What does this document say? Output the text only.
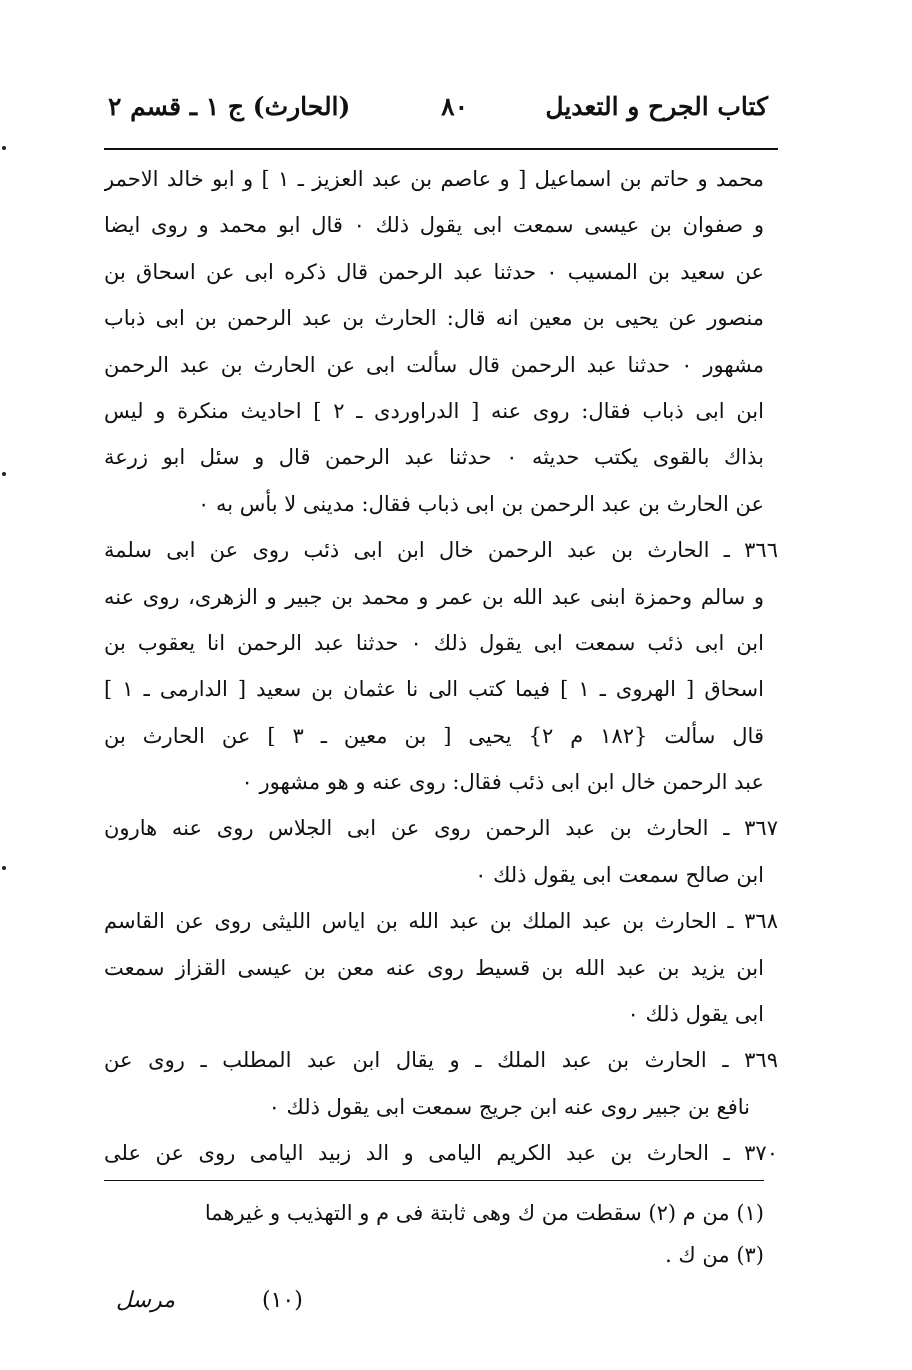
كتاب الجرح و التعديل
٨٠
(الحارث) ج ١ ـ قسم ٢
محمد و حاتم بن اسماعيل [ و عاصم بن عبد العزيز ـ ١ ] و ابو خالد الاحمر
و صفوان بن عيسى سمعت ابى يقول ذلك ٠ قال ابو محمد و روى ايضا
عن سعيد بن المسيب ٠ حدثنا عبد الرحمن قال ذكره ابى عن اسحاق بن
منصور عن يحيى بن معين انه قال: الحارث بن عبد الرحمن بن ابى ذباب
مشهور ٠ حدثنا عبد الرحمن قال سألت ابى عن الحارث بن عبد الرحمن
ابن ابى ذباب فقال: روى عنه [ الدراوردى ـ ٢ ] احاديث منكرة و ليس
بذاك بالقوى يكتب حديثه ٠ حدثنا عبد الرحمن قال و سئل ابو زرعة
عن الحارث بن عبد الرحمن بن ابى ذباب فقال: مدينى لا بأس به ٠
٣٦٦ ـ الحارث بن عبد الرحمن خال ابن ابى ذئب روى عن ابى سلمة
و سالم وحمزة ابنى عبد الله بن عمر و محمد بن جبير و الزهرى، روى عنه
ابن ابى ذئب سمعت ابى يقول ذلك ٠ حدثنا عبد الرحمن انا يعقوب بن
اسحاق [ الهروى ـ ١ ] فيما كتب الى نا عثمان بن سعيد [ الدارمى ـ ١ ]
قال سألت {١٨٢ م ٢} يحيى [ بن معين ـ ٣ ] عن الحارث بن
عبد الرحمن خال ابن ابى ذئب فقال: روى عنه و هو مشهور ٠
٣٦٧ ـ الحارث بن عبد الرحمن روى عن ابى الجلاس روى عنه هارون
ابن صالح سمعت ابى يقول ذلك ٠
٣٦٨ ـ الحارث بن عبد الملك بن عبد الله بن اياس الليثى روى عن القاسم
ابن يزيد بن عبد الله بن قسيط روى عنه معن بن عيسى القزاز سمعت
ابى يقول ذلك ٠
٣٦٩ ـ الحارث بن عبد الملك ـ و يقال ابن عبد المطلب ـ روى عن
نافع بن جبير روى عنه ابن جريج سمعت ابى يقول ذلك ٠
٣٧٠ ـ الحارث بن عبد الكريم اليامى و الد زبيد اليامى روى عن على
(١) من م (٢) سقطت من ك وهى ثابتة فى م و التهذيب و غيرهما
(٣) من ك .
مرسل	(١٠)
